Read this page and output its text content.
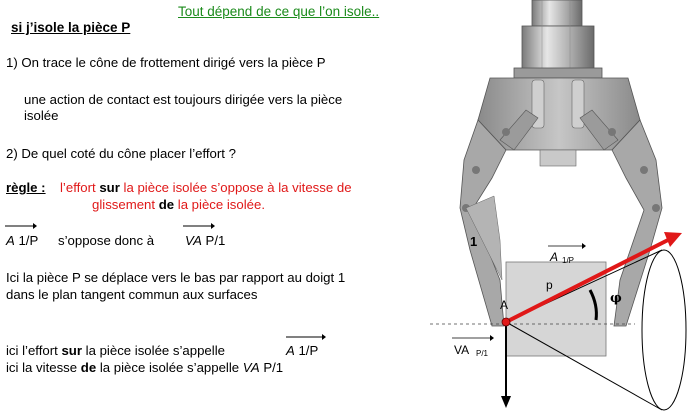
Tout dépend de ce que l’on isole..
si j’isole la pièce P
1) On trace le cône de frottement dirigé vers la pièce P
une action de contact est toujours dirigée vers la pièce
isolée
2) De quel coté du cône placer l’effort ?
règle : l’effort sur la pièce isolée s’oppose à la vitesse de
glissement de la pièce isolée.
A 1/P s’oppose donc à VA P/1
Ici la pièce P se déplace vers le bas par rapport au doigt 1
dans le plan tangent commun aux surfaces
ici l’effort sur la pièce isolée s’appelle	A 1/P
ici la vitesse de la pièce isolée s’appelle VA P/1
1
p
A	φ
A 1/P
VA P/1
